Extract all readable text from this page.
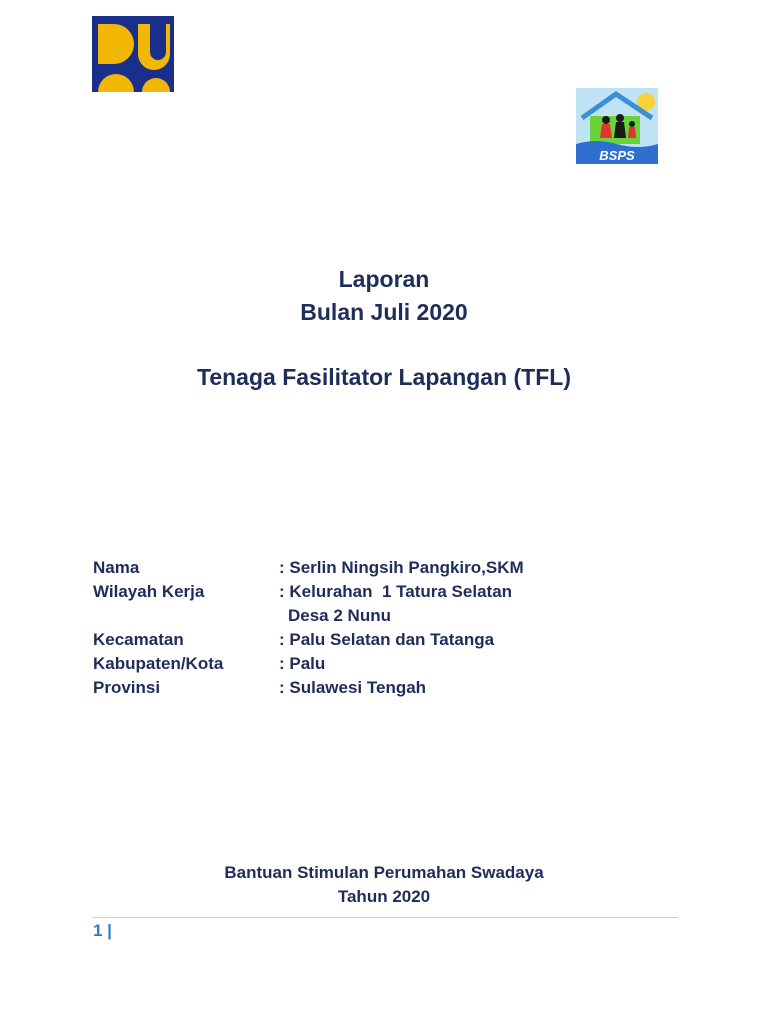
BSPS
Laporan
Bulan Juli 2020
Tenaga Fasilitator Lapangan (TFL)
Nama	: Serlin Ningsih Pangkiro,SKM
Wilayah Kerja	: Kelurahan  1 Tatura Selatan
Desa 2 Nunu
Kecamatan	: Palu Selatan dan Tatanga
Kabupaten/Kota	: Palu
Provinsi	: Sulawesi Tengah
Bantuan Stimulan Perumahan Swadaya
Tahun 2020
1 |
